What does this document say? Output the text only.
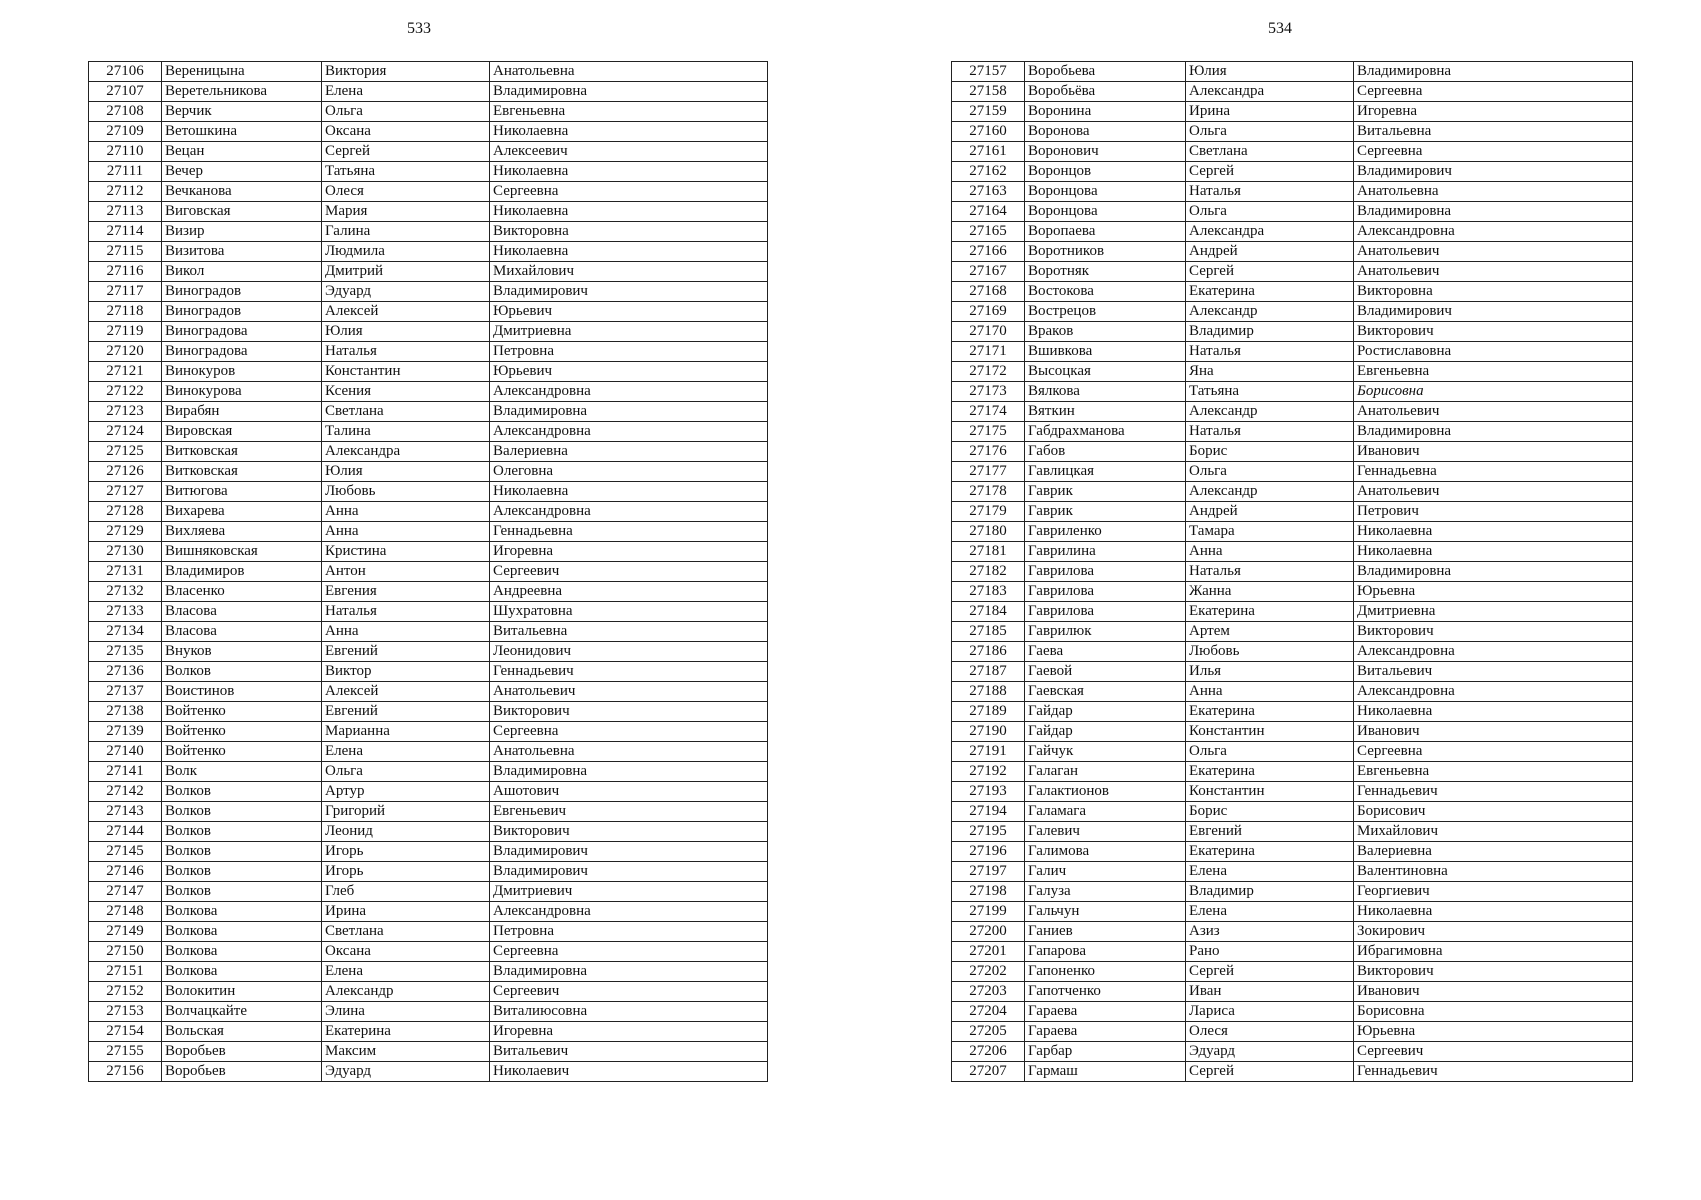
533	534
27106	Вереницына	Виктория	Анатольевна
27107	Веретельникова	Елена	Владимировна
27108	Верчик	Ольга	Евгеньевна
27109	Ветошкина	Оксана	Николаевна
27110	Вецан	Сергей	Алексеевич
27111	Вечер	Татьяна	Николаевна
27112	Вечканова	Олеся	Сергеевна
27113	Виговская	Мария	Николаевна
27114	Визир	Галина	Викторовна
27115	Визитова	Людмила	Николаевна
27116	Викол	Дмитрий	Михайлович
27117	Виноградов	Эдуард	Владимирович
27118	Виноградов	Алексей	Юрьевич
27119	Виноградова	Юлия	Дмитриевна
27120	Виноградова	Наталья	Петровна
27121	Винокуров	Константин	Юрьевич
27122	Винокурова	Ксения	Александровна
27123	Вирабян	Светлана	Владимировна
27124	Вировская	Талина	Александровна
27125	Витковская	Александра	Валериевна
27126	Витковская	Юлия	Олеговна
27127	Витюгова	Любовь	Николаевна
27128	Вихарева	Анна	Александровна
27129	Вихляева	Анна	Геннадьевна
27130	Вишняковская	Кристина	Игоревна
27131	Владимиров	Антон	Сергеевич
27132	Власенко	Евгения	Андреевна
27133	Власова	Наталья	Шухратовна
27134	Власова	Анна	Витальевна
27135	Внуков	Евгений	Леонидович
27136	Волков	Виктор	Геннадьевич
27137	Воистинов	Алексей	Анатольевич
27138	Войтенко	Евгений	Викторович
27139	Войтенко	Марианна	Сергеевна
27140	Войтенко	Елена	Анатольевна
27141	Волк	Ольга	Владимировна
27142	Волков	Артур	Ашотович
27143	Волков	Григорий	Евгеньевич
27144	Волков	Леонид	Викторович
27145	Волков	Игорь	Владимирович
27146	Волков	Игорь	Владимирович
27147	Волков	Глеб	Дмитриевич
27148	Волкова	Ирина	Александровна
27149	Волкова	Светлана	Петровна
27150	Волкова	Оксана	Сергеевна
27151	Волкова	Елена	Владимировна
27152	Волокитин	Александр	Сергеевич
27153	Волчацкайте	Элина	Виталиюсовна
27154	Вольская	Екатерина	Игоревна
27155	Воробьев	Максим	Витальевич
27156	Воробьев	Эдуард	Николаевич
27157	Воробьева	Юлия	Владимировна
27158	Воробьёва	Александра	Сергеевна
27159	Воронина	Ирина	Игоревна
27160	Воронова	Ольга	Витальевна
27161	Воронович	Светлана	Сергеевна
27162	Воронцов	Сергей	Владимирович
27163	Воронцова	Наталья	Анатольевна
27164	Воронцова	Ольга	Владимировна
27165	Воропаева	Александра	Александровна
27166	Воротников	Андрей	Анатольевич
27167	Воротняк	Сергей	Анатольевич
27168	Востокова	Екатерина	Викторовна
27169	Вострецов	Александр	Владимирович
27170	Враков	Владимир	Викторович
27171	Вшивкова	Наталья	Ростиславовна
27172	Высоцкая	Яна	Евгеньевна
27173	Вялкова	Татьяна	Борисовна
27174	Вяткин	Александр	Анатольевич
27175	Габдрахманова	Наталья	Владимировна
27176	Габов	Борис	Иванович
27177	Гавлицкая	Ольга	Геннадьевна
27178	Гаврик	Александр	Анатольевич
27179	Гаврик	Андрей	Петрович
27180	Гавриленко	Тамара	Николаевна
27181	Гаврилина	Анна	Николаевна
27182	Гаврилова	Наталья	Владимировна
27183	Гаврилова	Жанна	Юрьевна
27184	Гаврилова	Екатерина	Дмитриевна
27185	Гаврилюк	Артем	Викторович
27186	Гаева	Любовь	Александровна
27187	Гаевой	Илья	Витальевич
27188	Гаевская	Анна	Александровна
27189	Гайдар	Екатерина	Николаевна
27190	Гайдар	Константин	Иванович
27191	Гайчук	Ольга	Сергеевна
27192	Галаган	Екатерина	Евгеньевна
27193	Галактионов	Константин	Геннадьевич
27194	Галамага	Борис	Борисович
27195	Галевич	Евгений	Михайлович
27196	Галимова	Екатерина	Валериевна
27197	Галич	Елена	Валентиновна
27198	Галуза	Владимир	Георгиевич
27199	Гальчун	Елена	Николаевна
27200	Ганиев	Азиз	Зокирович
27201	Гапарова	Рано	Ибрагимовна
27202	Гапоненко	Сергей	Викторович
27203	Гапотченко	Иван	Иванович
27204	Гараева	Лариса	Борисовна
27205	Гараева	Олеся	Юрьевна
27206	Гарбар	Эдуард	Сергеевич
27207	Гармаш	Сергей	Геннадьевич
